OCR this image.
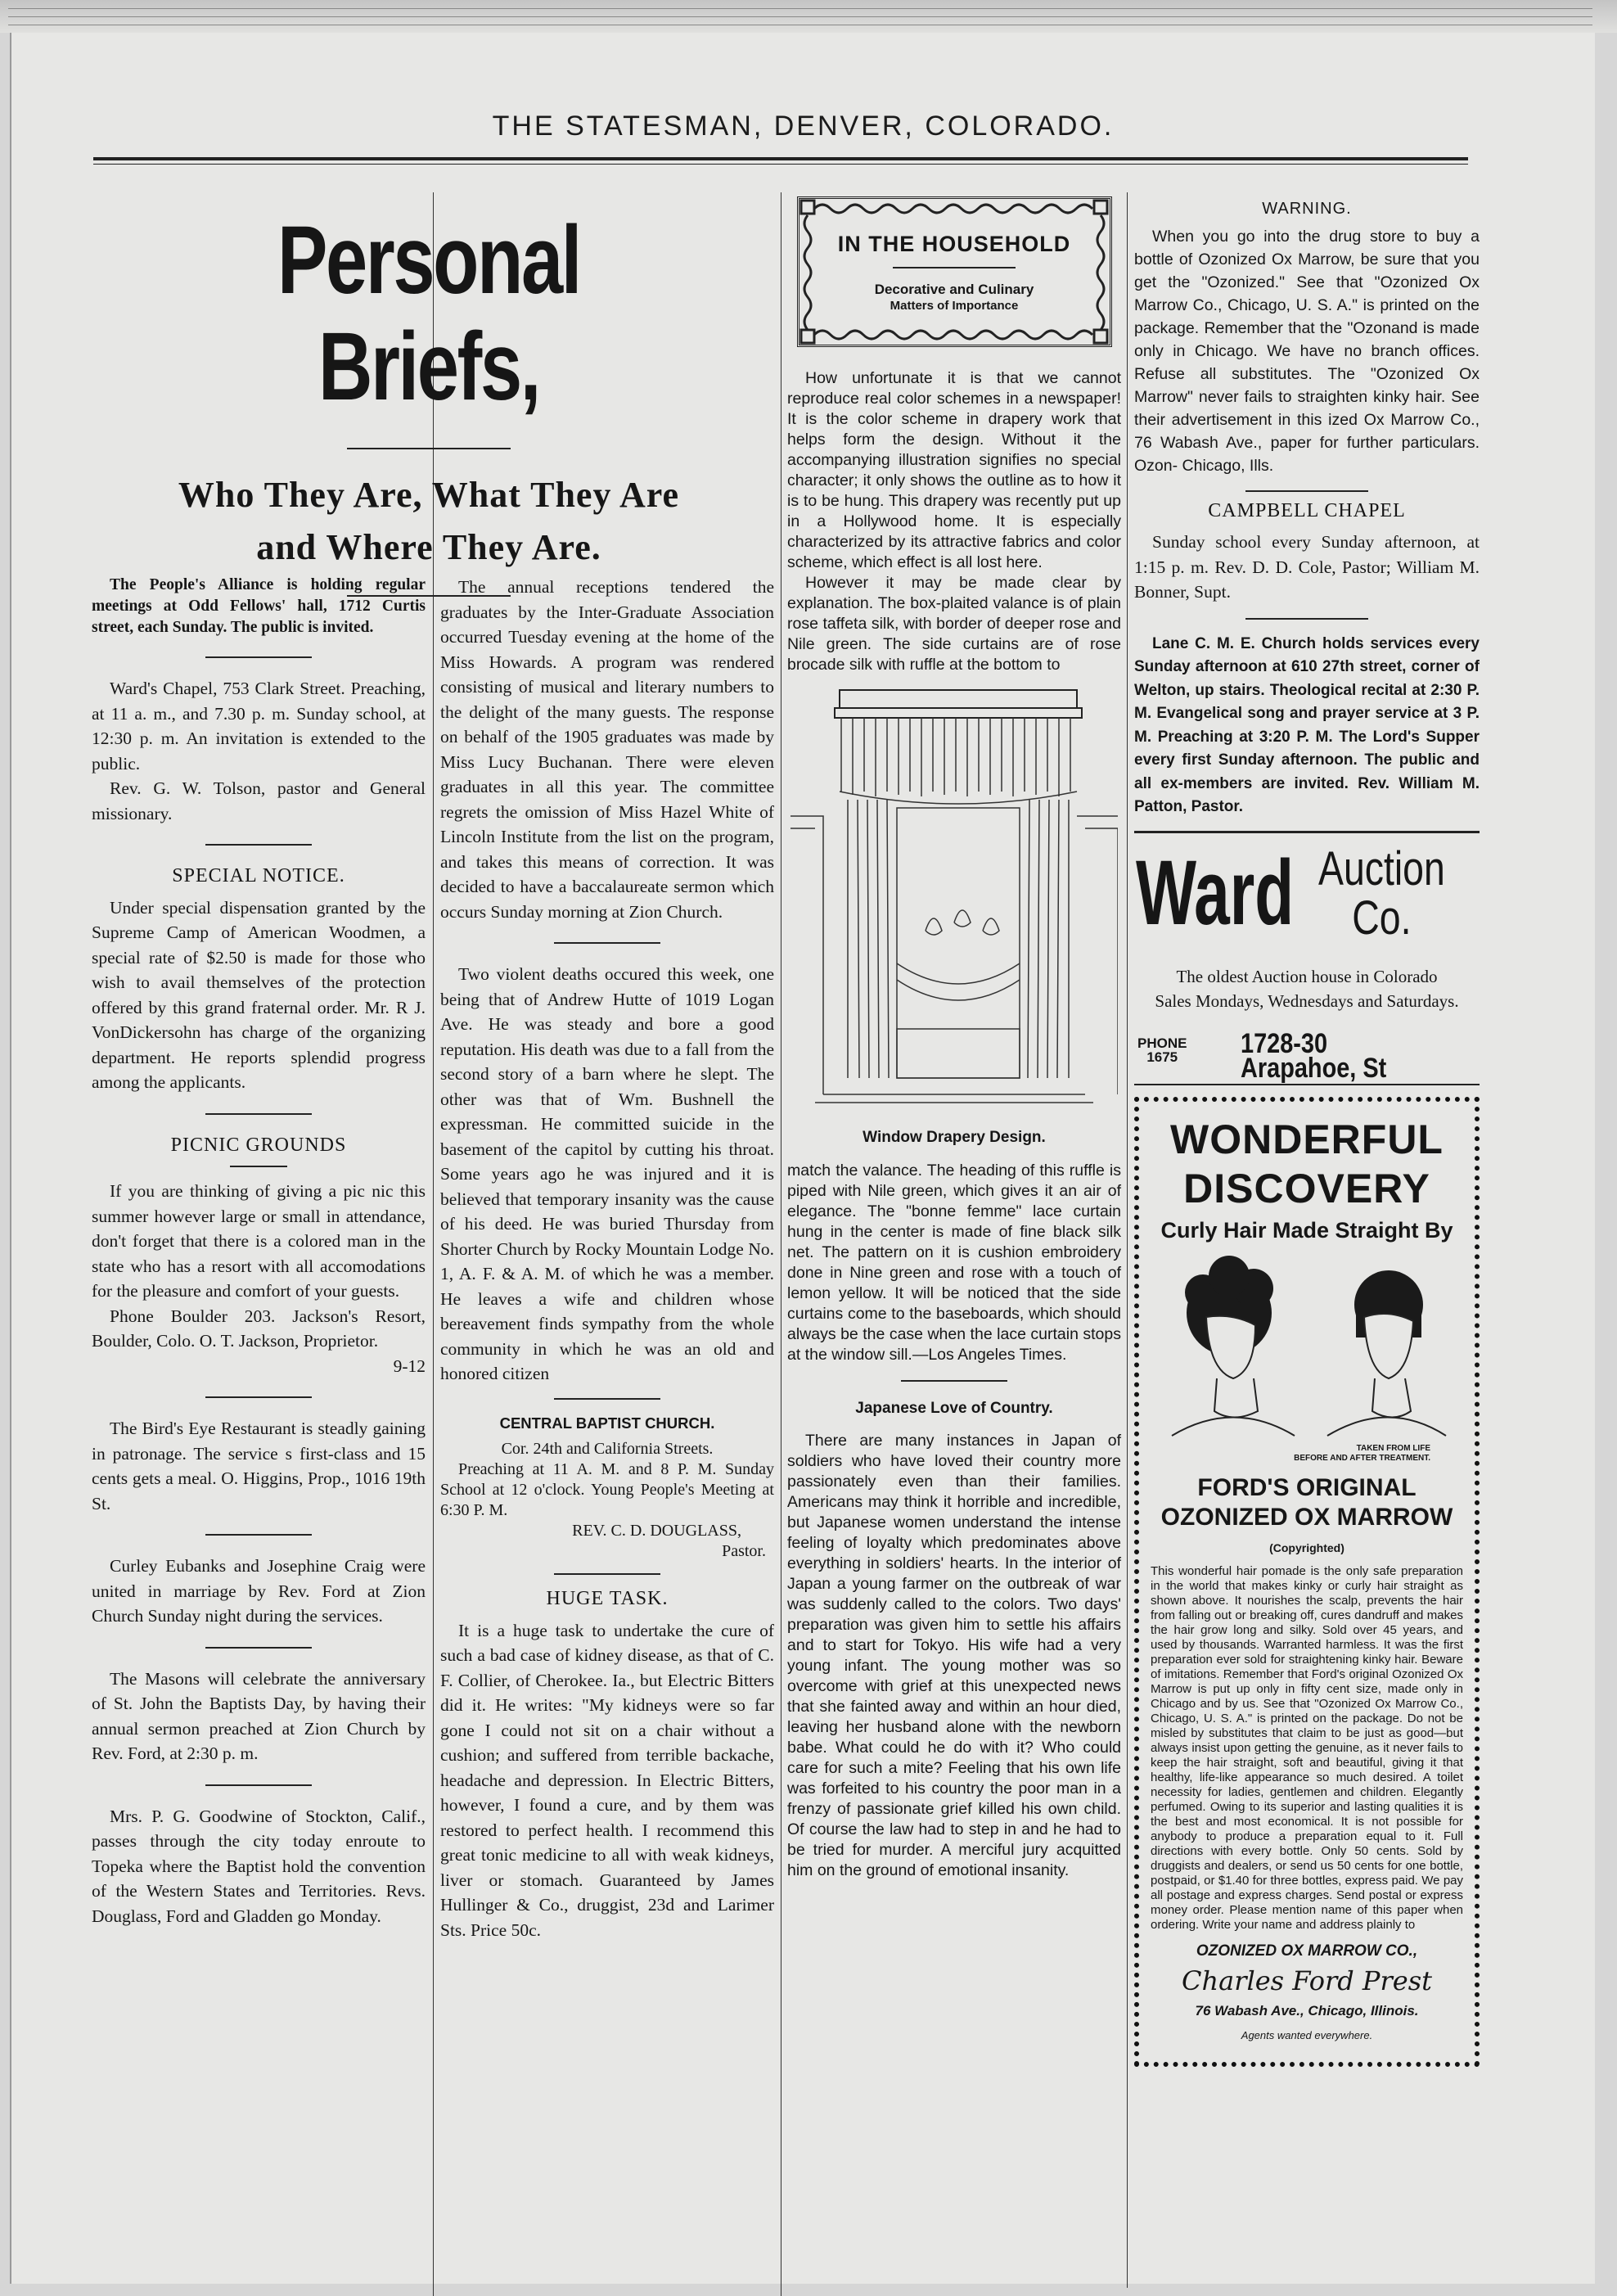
THE STATESMAN, DENVER, COLORADO.
Personal Briefs,
Who They Are, What They Are
and Where They Are.

The People's Alliance is holding regular meetings at Odd Fellows' hall, 1712 Curtis street, each Sunday. The public is invited.

Ward's Chapel, 753 Clark Street. Preaching, at 11 a. m., and 7.30 p. m. Sunday school, at 12:30 p. m. An invitation is extended to the public.

Rev. G. W. Tolson, pastor and General missionary.

SPECIAL NOTICE.

Under special dispensation granted by the Supreme Camp of American Woodmen, a special rate of $2.50 is made for those who wish to avail themselves of the protection offered by this grand fraternal order. Mr. R J. VonDickersohn has charge of the organizing department. He reports splendid progress among the applicants.

PICNIC GROUNDS

If you are thinking of giving a pic nic this summer however large or small in attendance, don't forget that there is a colored man in the state who has a resort with all accomodations for the pleasure and comfort of your guests.

Phone Boulder 203. Jackson's Resort, Boulder, Colo. O. T. Jackson, Proprietor.

9-12

The Bird's Eye Restaurant is steadly gaining in patronage. The service s first-class and 15 cents gets a meal. O. Higgins, Prop., 1016 19th St.

Curley Eubanks and Josephine Craig were united in marriage by Rev. Ford at Zion Church Sunday night during the services.

The Masons will celebrate the anniversary of St. John the Baptists Day, by having their annual sermon preached at Zion Church by Rev. Ford, at 2:30 p. m.

Mrs. P. G. Goodwine of Stockton, Calif., passes through the city today enroute to Topeka where the Baptist hold the convention of the Western States and Territories. Revs. Douglass, Ford and Gladden go Monday.

The annual receptions tendered the graduates by the Inter-Graduate Association occurred Tuesday evening at the home of the Miss Howards. A program was rendered consisting of musical and literary numbers to the delight of the many guests. The response on behalf of the 1905 graduates was made by Miss Lucy Buchanan. There were eleven graduates in all this year. The committee regrets the omission of Miss Hazel White of Lincoln Institute from the list on the program, and takes this means of correction. It was decided to have a baccalaureate sermon which occurs Sunday morning at Zion Church.

Two violent deaths occured this week, one being that of Andrew Hutte of 1019 Logan Ave. He was steady and bore a good reputation. His death was due to a fall from the second story of a barn where he slept. The other was that of Wm. Bushnell the expressman. He committed suicide in the basement of the capitol by cutting his throat. Some years ago he was injured and it is believed that temporary insanity was the cause of his deed. He was buried Thursday from Shorter Church by Rocky Mountain Lodge No. 1, A. F. & A. M. of which he was a member. He leaves a wife and children whose bereavement finds sympathy from the whole community in which he was an old and honored citizen

CENTRAL BAPTIST CHURCH.

Cor. 24th and California Streets.

Preaching at 11 A. M. and 8 P. M. Sunday School at 12 o'clock. Young People's Meeting at 6:30 P. M.

REV. C. D. DOUGLASS,
Pastor.
HUGE TASK.

It is a huge task to undertake the cure of such a bad case of kidney disease, as that of C. F. Collier, of Cherokee. Ia., but Electric Bitters did it. He writes: "My kidneys were so far gone I could not sit on a chair without a cushion; and suffered from terrible backache, headache and depression. In Electric Bitters, however, I found a cure, and by them was restored to perfect health. I recommend this great tonic medicine to all with weak kidneys, liver or stomach. Guaranteed by James Hullinger & Co., druggist, 23d and Larimer Sts. Price 50c.

IN THE HOUSEHOLD
Decorative and Culinary
Matters of Importance

How unfortunate it is that we cannot reproduce real color schemes in a newspaper! It is the color scheme in drapery work that helps form the design. Without it the accompanying illustration signifies no special character; it only shows the outline as to how it is to be hung. This drapery was recently put up in a Hollywood home. It is especially characterized by its attractive fabrics and color scheme, which effect is all lost here.

However it may be made clear by explanation. The box-plaited valance is of plain rose taffeta silk, with border of deeper rose and Nile green. The side curtains are of rose brocade silk with ruffle at the bottom to

Window Drapery Design.

match the valance. The heading of this ruffle is piped with Nile green, which gives it an air of elegance. The "bonne femme" lace curtain hung in the center is made of fine black silk net. The pattern on it is cushion embroidery done in Nine green and rose with a touch of lemon yellow. It will be noticed that the side curtains come to the baseboards, which should always be the case when the lace curtain stops at the window sill.—Los Angeles Times.

Japanese Love of Country.

There are many instances in Japan of soldiers who have loved their country more passionately even than their families. Americans may think it horrible and incredible, but Japanese women understand the intense feeling of loyalty which predominates above everything in soldiers' hearts. In the interior of Japan a young farmer on the outbreak of war was suddenly called to the colors. Two days' preparation was given him to settle his affairs and to start for Tokyo. His wife had a very young infant. The young mother was so overcome with grief at this unexpected news that she fainted away and within an hour died, leaving her husband alone with the newborn babe. What could he do with it? Who could care for such a mite? Feeling that his own life was forfeited to his country the poor man in a frenzy of passionate grief killed his own child. Of course the law had to step in and he had to be tried for murder. A merciful jury acquitted him on the ground of emotional insanity.

WARNING.

When you go into the drug store to buy a bottle of Ozonized Ox Marrow, be sure that you get the "Ozonized." See that "Ozonized Ox Marrow Co., Chicago, U. S. A." is printed on the package. Remember that the "Ozonand is made only in Chicago. We have no branch offices. Refuse all substitutes. The "Ozonized Ox Marrow" never fails to straighten kinky hair. See their advertisement in this ized Ox Marrow Co., 76 Wabash Ave., paper for further particulars. Ozon- Chicago, Ills.

CAMPBELL CHAPEL

Sunday school every Sunday afternoon, at 1:15 p. m. Rev. D. D. Cole, Pastor; William M. Bonner, Supt.

Lane C. M. E. Church holds services every Sunday afternoon at 610 27th street, corner of Welton, up stairs. Theological recital at 2:30 P. M. Evangelical song and prayer service at 3 P. M. Preaching at 3:20 P. M. The Lord's Supper every first Sunday afternoon. The public and all ex-members are invited. Rev. William M. Patton, Pastor.

Ward Auction
Co.
The oldest Auction house in Colorado
Sales Mondays, Wednesdays and Saturdays.
PHONE
1675	1728-30 Arapahoe, St
WONDERFUL
DISCOVERY
Curly Hair Made Straight By
TAKEN FROM LIFE
BEFORE AND AFTER TREATMENT.
FORD'S ORIGINAL
OZONIZED OX MARROW
(Copyrighted)
This wonderful hair pomade is the only safe preparation in the world that makes kinky or curly hair straight as shown above. It nourishes the scalp, prevents the hair from falling out or breaking off, cures dandruff and makes the hair grow long and silky. Sold over 45 years, and used by thousands. Warranted harmless. It was the first preparation ever sold for straightening kinky hair. Beware of imitations. Remember that Ford's original Ozonized Ox Marrow is put up only in fifty cent size, made only in Chicago and by us. See that "Ozonized Ox Marrow Co., Chicago, U. S. A." is printed on the package. Do not be misled by substitutes that claim to be just as good—but always insist upon getting the genuine, as it never fails to keep the hair straight, soft and beautiful, giving it that healthy, life-like appearance so much desired. A toilet necessity for ladies, gentlemen and children. Elegantly perfumed. Owing to its superior and lasting qualities it is the best and most economical. It is not possible for anybody to produce a preparation equal to it. Full directions with every bottle. Only 50 cents. Sold by druggists and dealers, or send us 50 cents for one bottle, postpaid, or $1.40 for three bottles, express paid. We pay all postage and express charges. Send postal or express money order. Please mention name of this paper when ordering. Write your name and address plainly to
OZONIZED OX MARROW CO.,
Charles Ford Prest
76 Wabash Ave., Chicago, Illinois.
Agents wanted everywhere.
